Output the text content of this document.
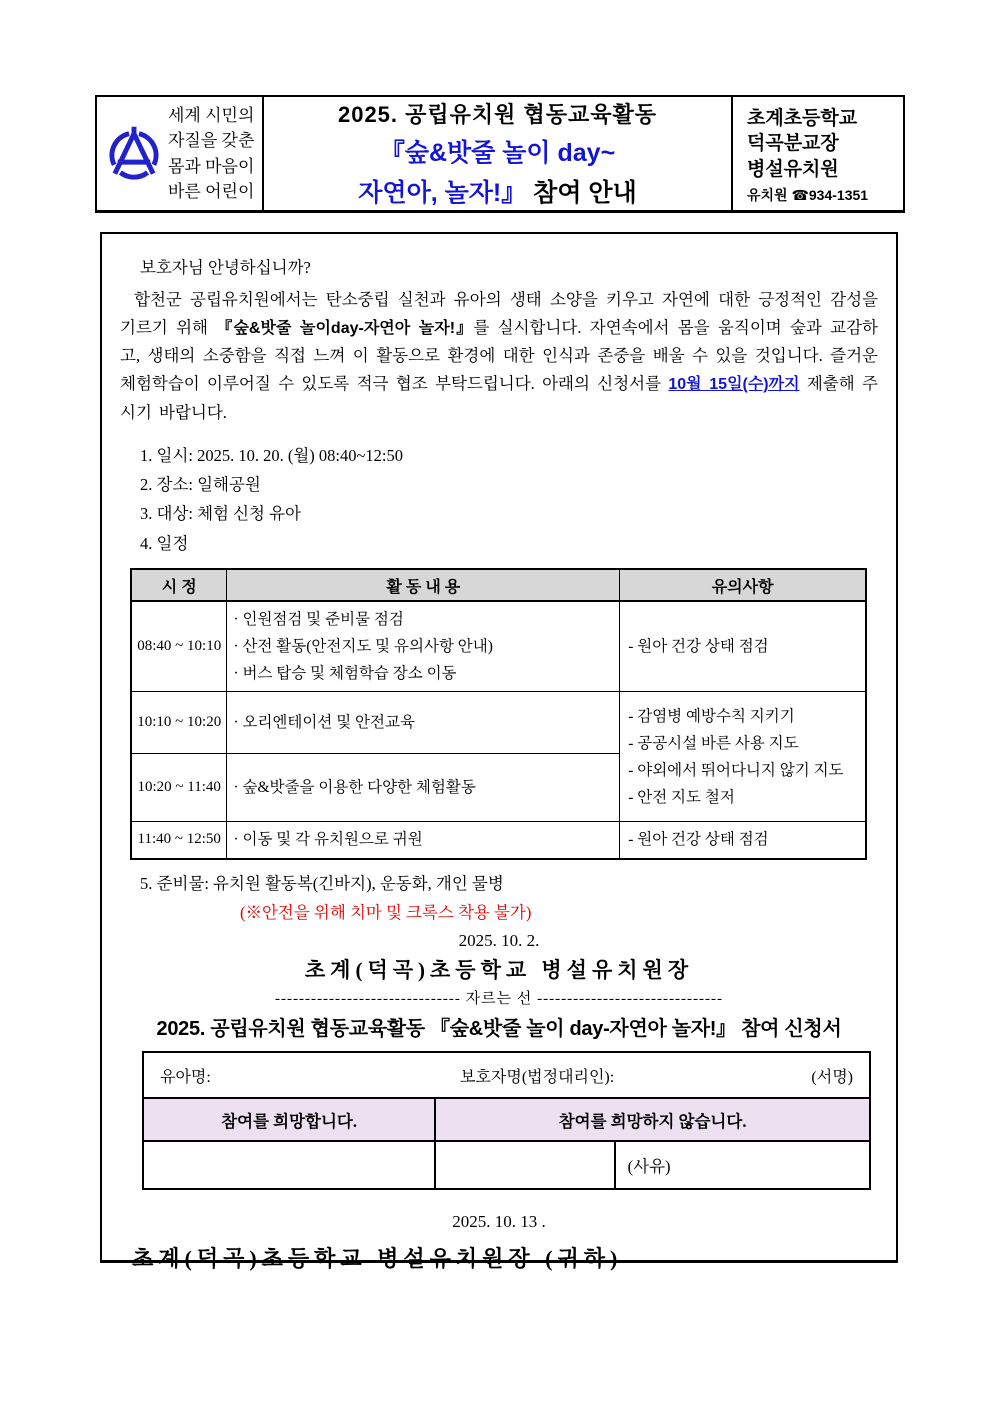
세계 시민의
자질을 갖춘
몸과 마음이
바른 어린이
2025. 공립유치원 협동교육활동
『숲&밧줄 놀이 day~
자연아, 놀자!』 참여 안내
초계초등학교
덕곡분교장
병설유치원
유치원 ☎934-1351
보호자님 안녕하십니까?
합천군 공립유치원에서는 탄소중립 실천과 유아의 생태 소양을 키우고 자연에 대한 긍정적인 감성을 기르기 위해 『숲&밧줄 놀이day-자연아 놀자!』를 실시합니다. 자연속에서 몸을 움직이며 숲과 교감하고, 생태의 소중함을 직접 느껴 이 활동으로 환경에 대한 인식과 존중을 배울 수 있을 것입니다. 즐거운 체험학습이 이루어질 수 있도록 적극 협조 부탁드립니다. 아래의 신청서를 10월 15일(수)까지 제출해 주시기 바랍니다.
1. 일시: 2025. 10. 20. (월) 08:40~12:50
2. 장소: 일해공원
3. 대상: 체험 신청 유아
4. 일정
시 정	활 동 내 용	유의사항
08:40 ~ 10:10	· 인원점검 및 준비물 점검
· 산전 활동(안전지도 및 유의사항 안내)
· 버스 탑승 및 체험학습 장소 이동	- 원아 건강 상태 점검

10:10 ~ 10:20	· 오리엔테이션 및 안전교육	- 감염병 예방수칙 지키기
- 공공시설 바른 사용 지도
- 야외에서 뛰어다니지 않기 지도
- 안전 지도 철저

10:20 ~ 11:40	· 숲&밧줄을 이용한 다양한 체험활동	

11:40 ~ 12:50	· 이동 및 각 유치원으로 귀원	- 원아 건강 상태 점검
5. 준비물: 유치원 활동복(긴바지), 운동화, 개인 물병
(※안전을 위해 치마 및 크록스 착용 불가)
2025. 10. 2.
초계(덕곡)초등학교 병설유치원장
------------------------------- 자르는 선 -------------------------------
2025. 공립유치원 협동교육활동 『숲&밧줄 놀이 day-자연아 놀자!』 참여 신청서
유아명: 보호자명(법정대리인): (서명)		

참여를 희망합니다.	참여를 희망하지 않습니다.	
		(사유)
2025. 10. 13 .
초계(덕곡)초등학교 병설유치원장 (귀하)
